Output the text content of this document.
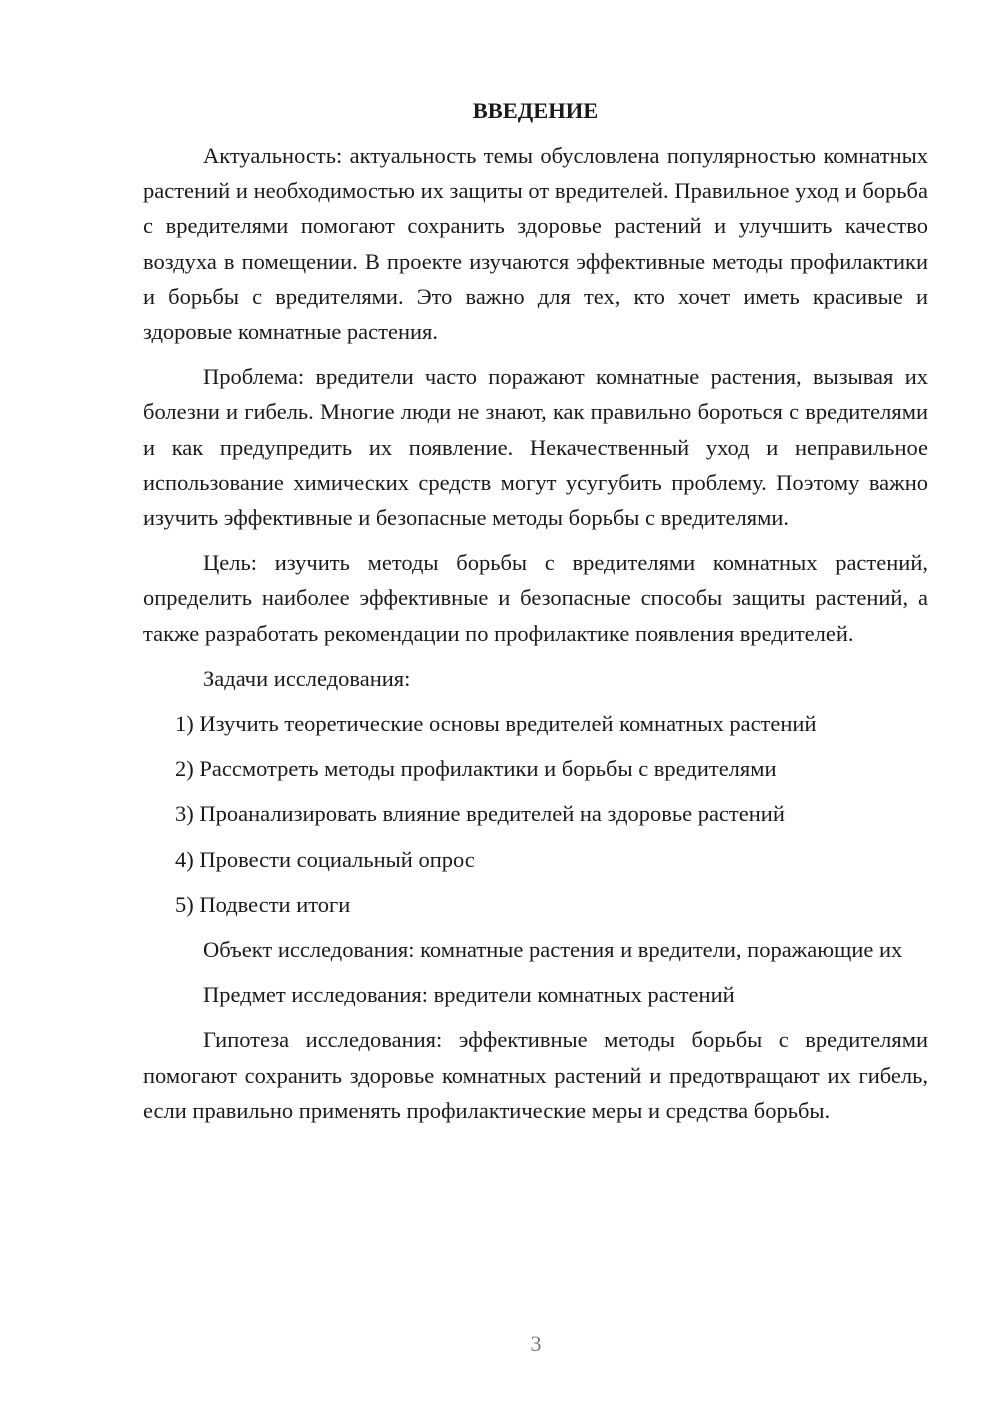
ВВЕДЕНИЕ

Актуальность: актуальность темы обусловлена популярностью комнатных растений и необходимостью их защиты от вредителей. Правильное уход и борьба с вредителями помогают сохранить здоровье растений и улучшить качество воздуха в помещении. В проекте изучаются эффективные методы профилактики и борьбы с вредителями. Это важно для тех, кто хочет иметь красивые и здоровые комнатные растения.

Проблема: вредители часто поражают комнатные растения, вызывая их болезни и гибель. Многие люди не знают, как правильно бороться с вредителями и как предупредить их появление. Некачественный уход и неправильное использование химических средств могут усугубить проблему. Поэтому важно изучить эффективные и безопасные методы борьбы с вредителями.

Цель: изучить методы борьбы с вредителями комнатных растений, определить наиболее эффективные и безопасные способы защиты растений, а также разработать рекомендации по профилактике появления вредителей.

Задачи исследования:

1) Изучить теоретические основы вредителей комнатных растений
2) Рассмотреть методы профилактики и борьбы с вредителями
3) Проанализировать влияние вредителей на здоровье растений
4) Провести социальный опрос
5) Подвести итоги

Объект исследования: комнатные растения и вредители, поражающие их

Предмет исследования: вредители комнатных растений

Гипотеза исследования: эффективные методы борьбы с вредителями помогают сохранить здоровье комнатных растений и предотвращают их гибель, если правильно применять профилактические меры и средства борьбы.

3
